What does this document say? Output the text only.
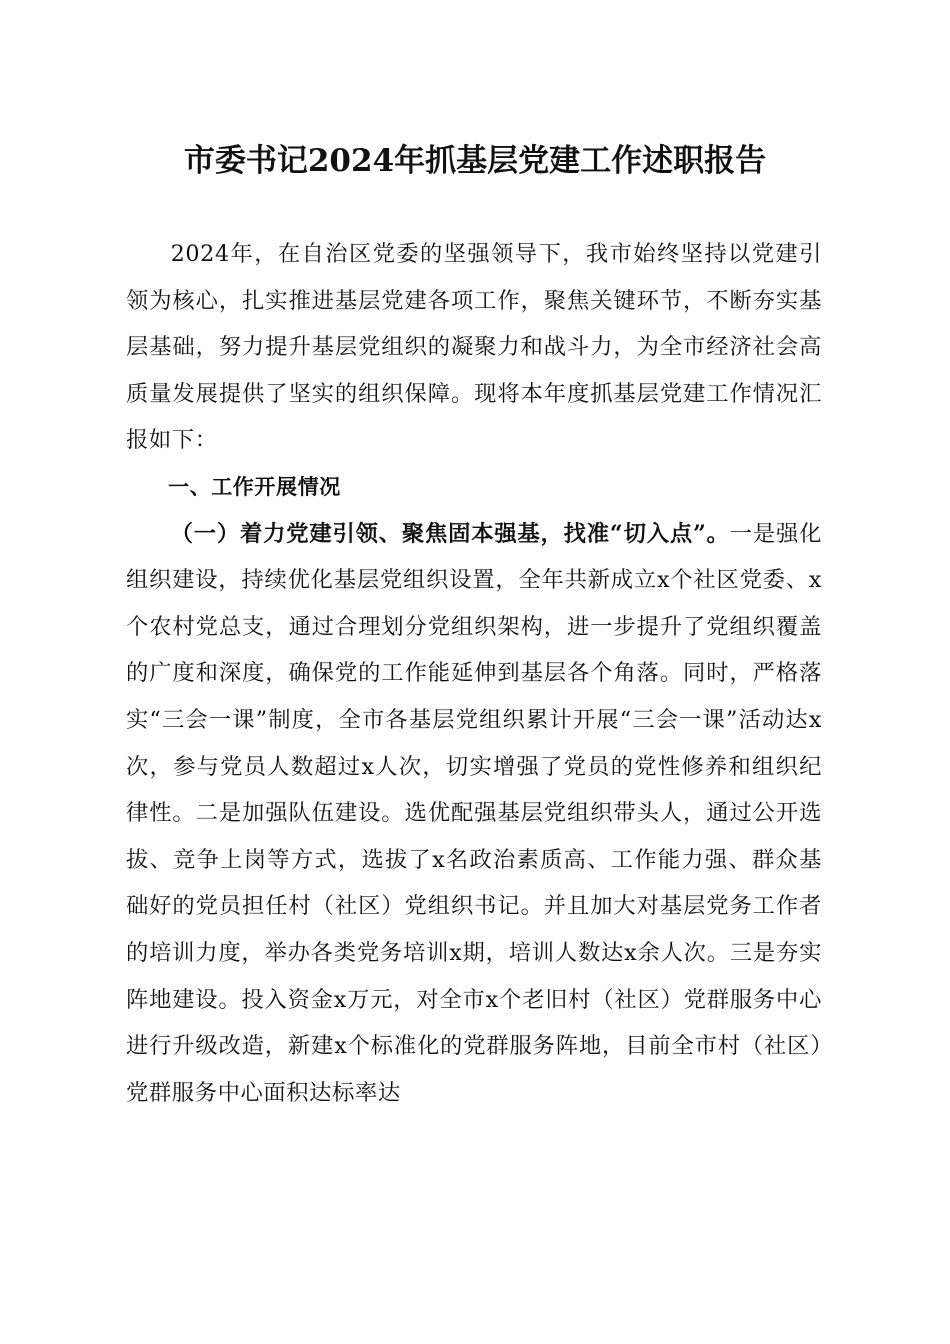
市委书记2024年抓基层党建工作述职报告

2024年，在自治区党委的坚强领导下，我市始终坚持以党建引领为核心，扎实推进基层党建各项工作，聚焦关键环节，不断夯实基层基础，努力提升基层党组织的凝聚力和战斗力，为全市经济社会高质量发展提供了坚实的组织保障。现将本年度抓基层党建工作情况汇报如下：

一、工作开展情况

（一）着力党建引领、聚焦固本强基，找准“切入点”。一是强化组织建设，持续优化基层党组织设置，全年共新成立x个社区党委、x个农村党总支，通过合理划分党组织架构，进一步提升了党组织覆盖的广度和深度，确保党的工作能延伸到基层各个角落。同时，严格落实“三会一课”制度，全市各基层党组织累计开展“三会一课”活动达x次，参与党员人数超过x人次，切实增强了党员的党性修养和组织纪律性。二是加强队伍建设。选优配强基层党组织带头人，通过公开选拔、竞争上岗等方式，选拔了x名政治素质高、工作能力强、群众基础好的党员担任村（社区）党组织书记。并且加大对基层党务工作者的培训力度，举办各类党务培训x期，培训人数达x余人次。三是夯实阵地建设。投入资金x万元，对全市x个老旧村（社区）党群服务中心进行升级改造，新建x个标准化的党群服务阵地，目前全市村（社区）党群服务中心面积达标率达
